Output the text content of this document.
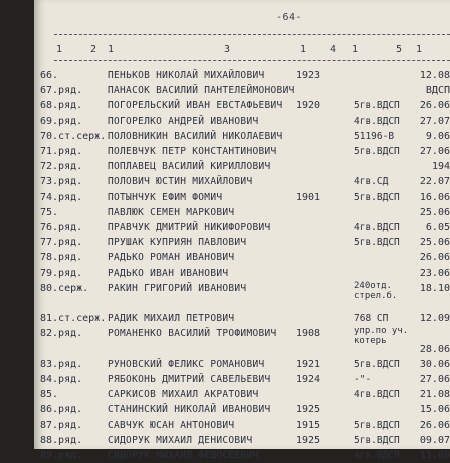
-64-
1	2 1	3	1 4 1	5 1
66.	ПЕНЬКОВ НИКОЛАЙ МИХАЙЛОВИЧ	1923	12.08
67.ряд.	ПАНАСОК ВАСИЛИЙ ПАНТЕЛЕЙМОНОВИЧ	ВДСП
68.ряд.	ПОГОРЕЛЬСКИЙ ИВАН ЕВСТАФЬЕВИЧ 1920	5гв.ВДСП 26.06
69.ряд.	ПОГОРЕЛКО АНДРЕЙ ИВАНОВИЧ	4гв.ВДСП 27.07
70.ст.серж. ПОЛОВНИКИН ВАСИЛИЙ НИКОЛАЕВИЧ	51196-В	9.06
71.ряд.	ПОЛЕВЧУК ПЕТР КОНСТАНТИНОВИЧ	5гв.ВДСП 27.06
72.ряд.	ПОПЛАВЕЦ ВАСИЛИЙ КИРИЛЛОВИЧ	194
73.ряд.	ПОЛОВИЧ ЮСТИН МИХАЙЛОВИЧ	4гв.СД	22.07
74.ряд.	ПОТЫНЧУК ЕФИМ ФОМИЧ	1901	5гв.ВДСП 16.06
75.	ПАВЛЮК СЕМЕН МАРКОВИЧ	25.06
76.ряд.	ПРАВЧУК ДМИТРИЙ НИКИФОРОВИЧ	4гв.ВДСП	6.05
77.ряд.	ПРУШАК КУПРИЯН ПАВЛОВИЧ	5гв.ВДСП 25.06
78.ряд.	РАДЬКО РОМАН ИВАНОВИЧ	26.06
79.ряд.	РАДЬКО ИВАН ИВАНОВИЧ	23.06
80.серж. РАКИН ГРИГОРИЙ ИВАНОВИЧ	240отд.
стрел.б.
18.10
81.ст.серж. РАДИК МИХАИЛ ПЕТРОВИЧ	768 СП	12.09
82.ряд.	РОМАНЕНКО ВАСИЛИЙ ТРОФИМОВИЧ 1908	упр.по уч.
котерь
28.06
83.ряд.	РУНОВСКИЙ ФЕЛИКС РОМАНОВИЧ	1921	5гв.ВДСП 30.06
84.ряд.	РЯБОКОНЬ ДМИТРИЙ САВЕЛЬЕВИЧ	1924	-"-	27.06
85.	САРКИСОВ МИХАИЛ АКРАТОВИЧ	4гв.ВДСП 21.08
86.ряд.	СТАНИНСКИЙ НИКОЛАЙ ИВАНОВИЧ	1925	15.06
87.ряд.	САВЧУК ЮСАН АНТОНОВИЧ	1915	5гв.ВДСП 26.06
88.ряд.	СИДОРУК МИХАИЛ ДЕНИСОВИЧ	1925	5гв.ВДСП 09.07
89.ряд.	СИДОРУК МИХАИЛ ФЕДОСЕЕВИЧ	4гв.ВДСП 11.08
